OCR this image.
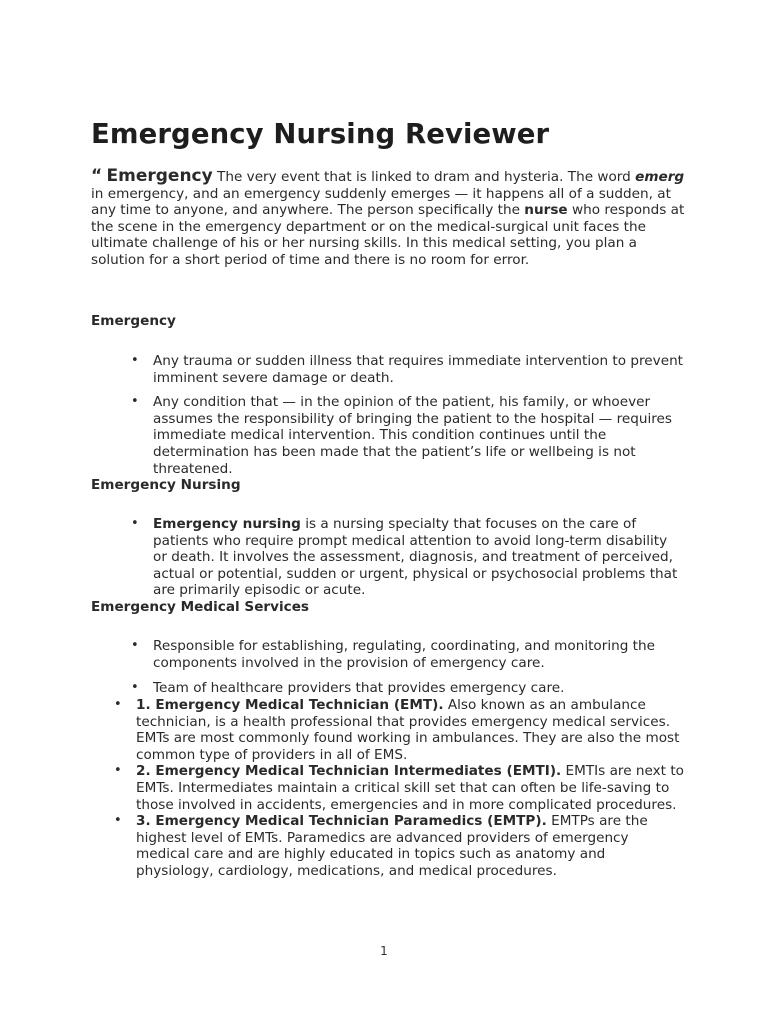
Emergency Nursing Reviewer

“ Emergency The very event that is linked to dram and hysteria. The word emerg in emergency, and an emergency suddenly emerges — it happens all of a sudden, at any time to anyone, and anywhere. The person specifically the nurse who responds at the scene in the emergency department or on the medical-surgical unit faces the ultimate challenge of his or her nursing skills. In this medical setting, you plan a solution for a short period of time and there is no room for error.

Emergency
• Any trauma or sudden illness that requires immediate intervention to prevent imminent severe damage or death.
• Any condition that — in the opinion of the patient, his family, or whoever assumes the responsibility of bringing the patient to the hospital — requires immediate medical intervention. This condition continues until the determination has been made that the patient’s life or wellbeing is not threatened.
Emergency Nursing
• Emergency nursing is a nursing specialty that focuses on the care of patients who require prompt medical attention to avoid long-term disability or death. It involves the assessment, diagnosis, and treatment of perceived, actual or potential, sudden or urgent, physical or psychosocial problems that are primarily episodic or acute.
Emergency Medical Services
• Responsible for establishing, regulating, coordinating, and monitoring the components involved in the provision of emergency care.
• Team of healthcare providers that provides emergency care.
• 1. Emergency Medical Technician (EMT). Also known as an ambulance technician, is a health professional that provides emergency medical services. EMTs are most commonly found working in ambulances. They are also the most common type of providers in all of EMS.
• 2. Emergency Medical Technician Intermediates (EMTI). EMTIs are next to EMTs. Intermediates maintain a critical skill set that can often be life-saving to those involved in accidents, emergencies and in more complicated procedures.
• 3. Emergency Medical Technician Paramedics (EMTP). EMTPs are the highest level of EMTs. Paramedics are advanced providers of emergency medical care and are highly educated in topics such as anatomy and physiology, cardiology, medications, and medical procedures.
1
